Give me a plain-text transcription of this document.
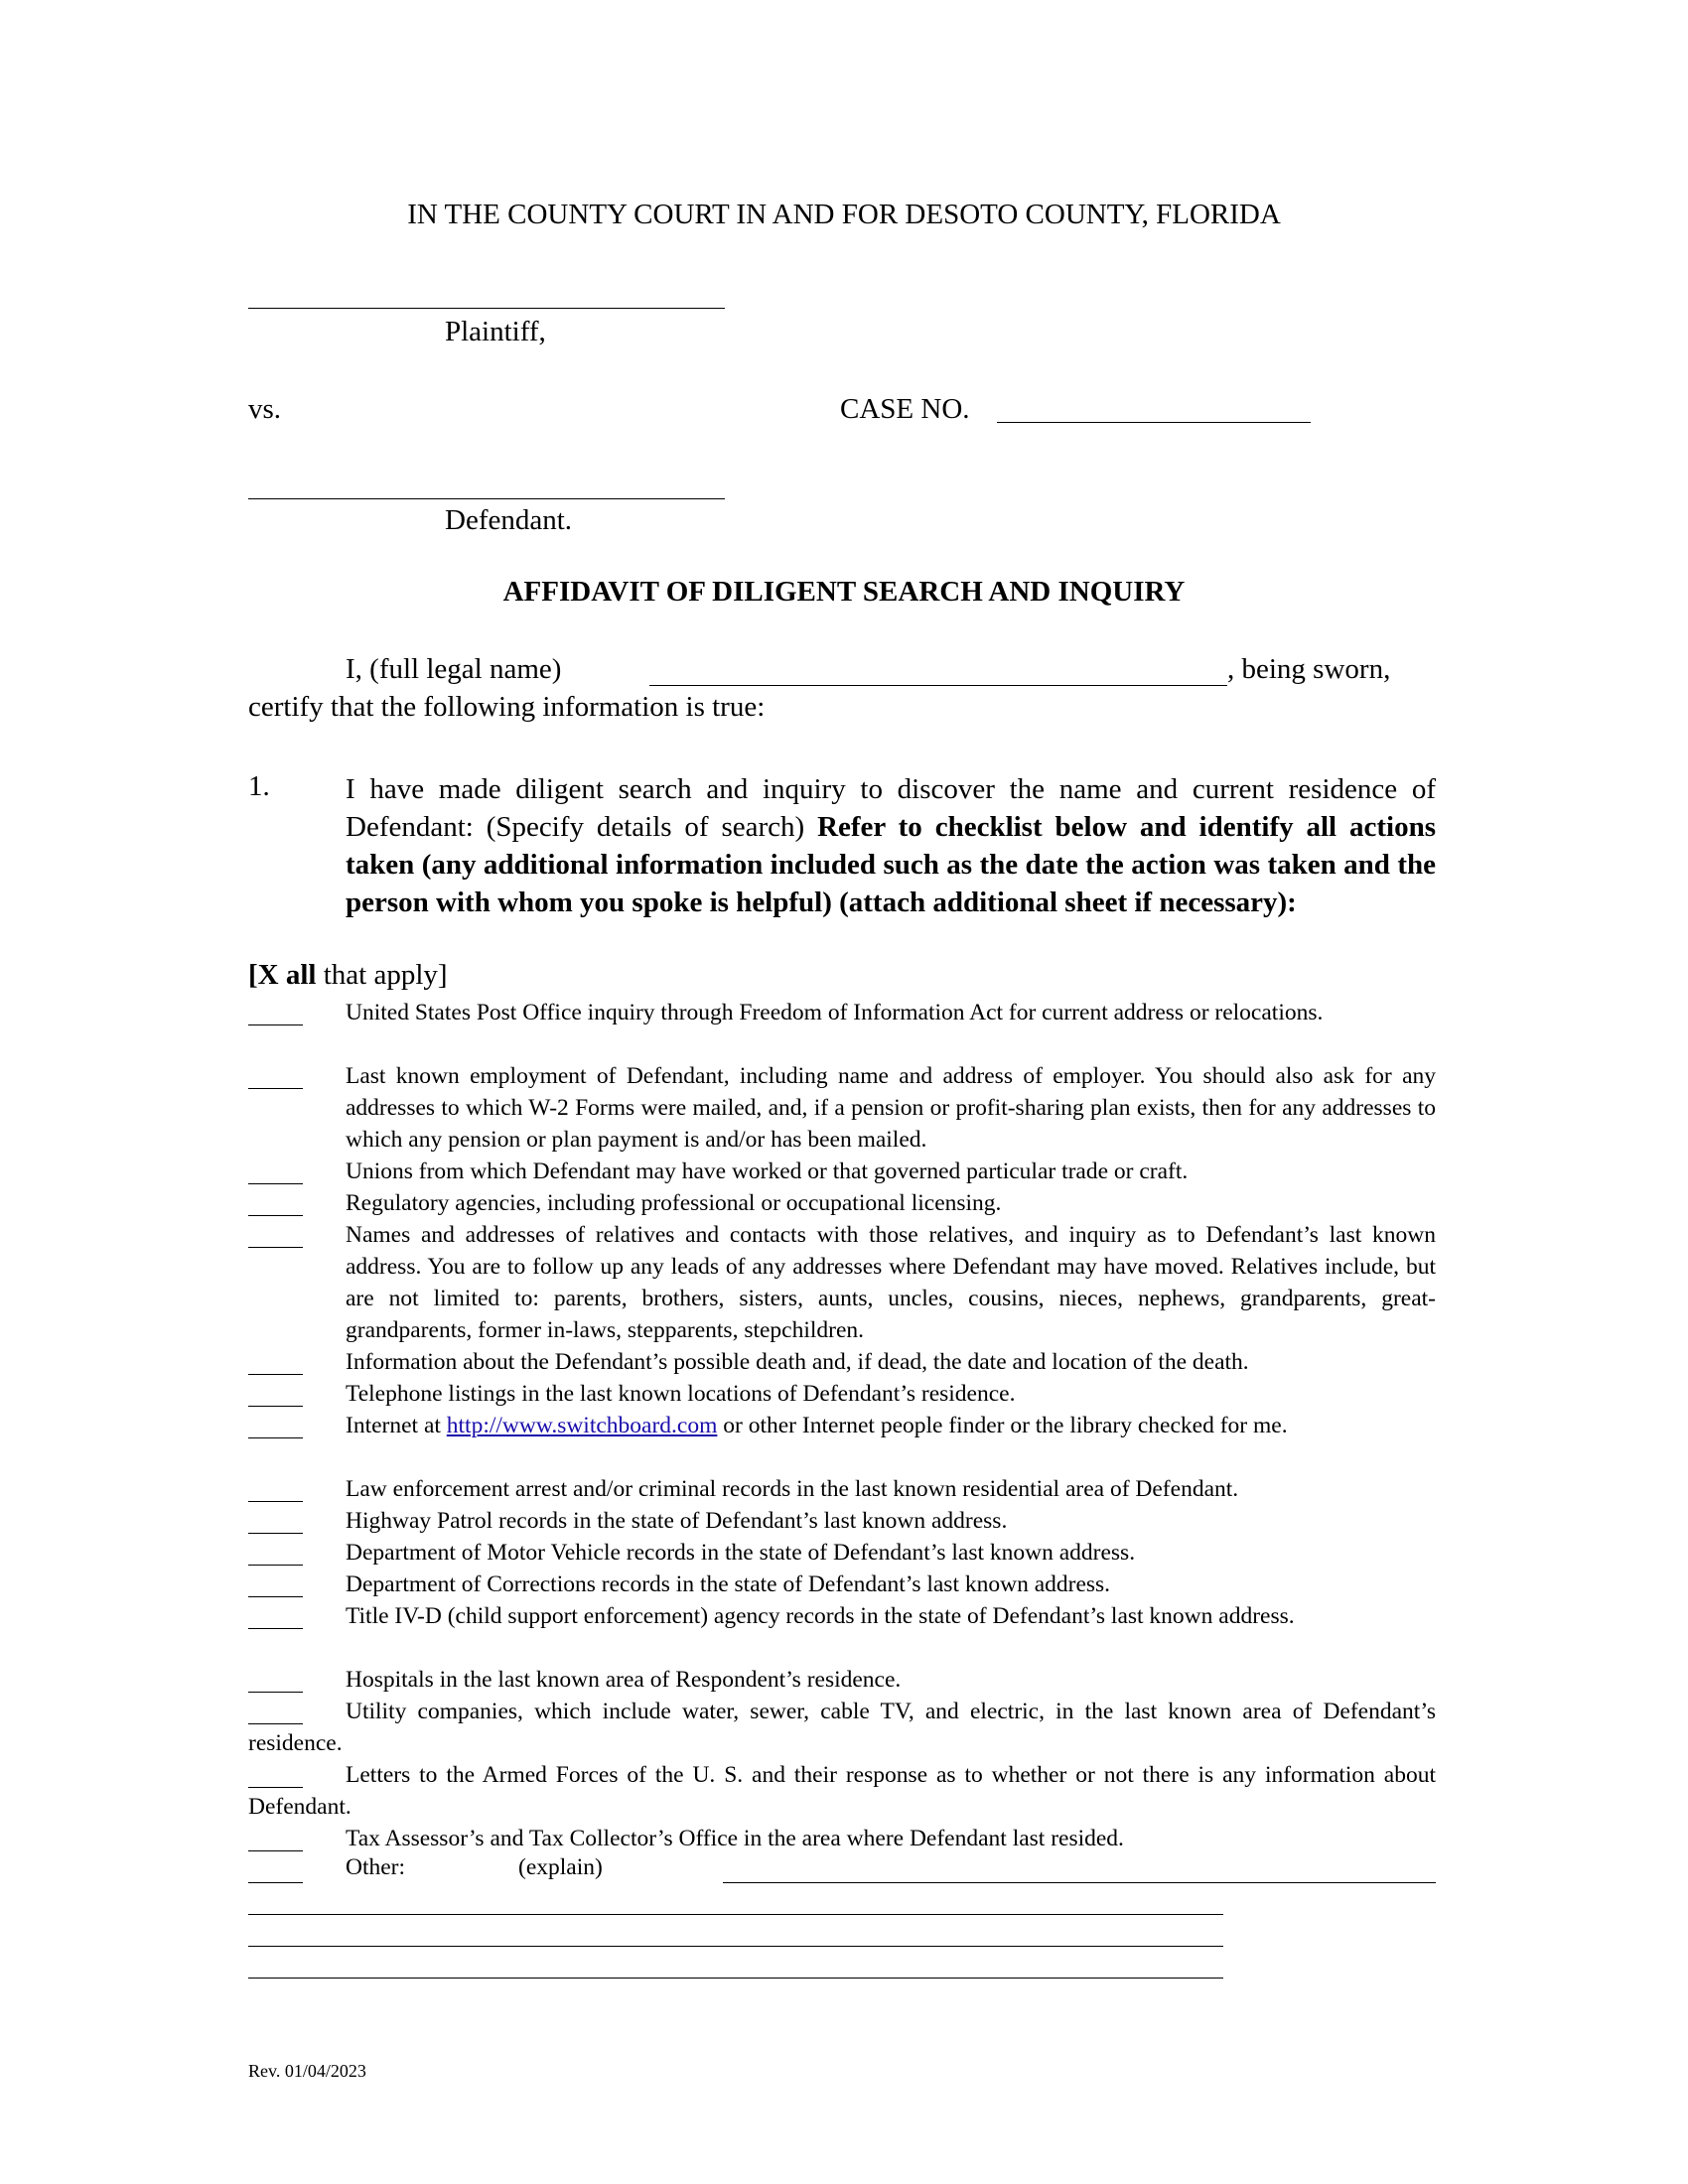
IN THE COUNTY COURT IN AND FOR DESOTO COUNTY, FLORIDA
Plaintiff,
vs.	CASE NO.
Defendant.
AFFIDAVIT OF DILIGENT SEARCH AND INQUIRY
I, (full legal name)	, being sworn,
certify that the following information is true:
1.	I have made diligent search and inquiry to discover the name and current residence of Defendant: (Specify details of search) Refer to checklist below and identify all actions taken (any additional information included such as the date the action was taken and the person with whom you spoke is helpful) (attach additional sheet if necessary):
[X all that apply]
United States Post Office inquiry through Freedom of Information Act for current address or relocations.
Last known employment of Defendant, including name and address of employer. You should also ask for any addresses to which W-2 Forms were mailed, and, if a pension or profit-sharing plan exists, then for any addresses to which any pension or plan payment is and/or has been mailed.
Unions from which Defendant may have worked or that governed particular trade or craft.
Regulatory agencies, including professional or occupational licensing.
Names and addresses of relatives and contacts with those relatives, and inquiry as to Defendant’s last known address. You are to follow up any leads of any addresses where Defendant may have moved. Relatives include, but are not limited to: parents, brothers, sisters, aunts, uncles, cousins, nieces, nephews, grandparents, great-grandparents, former in-laws, stepparents, stepchildren.
Information about the Defendant’s possible death and, if dead, the date and location of the death.
Telephone listings in the last known locations of Defendant’s residence.
Internet at http://www.switchboard.com or other Internet people finder or the library checked for me.
Law enforcement arrest and/or criminal records in the last known residential area of Defendant.
Highway Patrol records in the state of Defendant’s last known address.
Department of Motor Vehicle records in the state of Defendant’s last known address.
Department of Corrections records in the state of Defendant’s last known address.
Title IV-D (child support enforcement) agency records in the state of Defendant’s last known address.
Hospitals in the last known area of Respondent’s residence.
Utility companies, which include water, sewer, cable TV, and electric, in the last known area of Defendant’s residence.
Letters to the Armed Forces of the U. S. and their response as to whether or not there is any information about Defendant.
Tax Assessor’s and Tax Collector’s Office in the area where Defendant last resided.
Other:	(explain)
Rev. 01/04/2023
